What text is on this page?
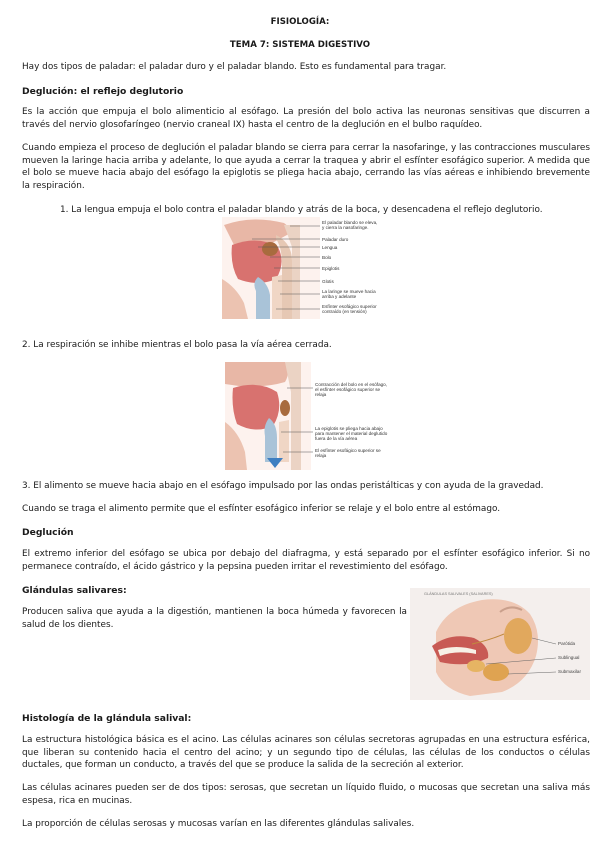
FISIOLOGÍA:
TEMA 7: SISTEMA DIGESTIVO

Hay dos tipos de paladar: el paladar duro y el paladar blando. Esto es fundamental para tragar.

Deglución: el reflejo deglutorio

Es la acción que empuja el bolo alimenticio al esófago. La presión del bolo activa las neuronas sensitivas que discurren a través del nervio glosofaríngeo (nervio craneal IX) hasta el centro de la deglución en el bulbo raquídeo.

Cuando empieza el proceso de deglución el paladar blando se cierra para cerrar la nasofaringe, y las contracciones musculares mueven la laringe hacia arriba y adelante, lo que ayuda a cerrar la traquea y abrir el esfínter esofágico superior. A medida que el bolo se mueve hacia abajo del esófago la epiglotis se pliega hacia abajo, cerrando las vías aéreas e inhibiendo brevemente la respiración.

1. La lengua empuja el bolo contra el paladar blando y atrás de la boca, y desencadena el reflejo deglutorio.

El paladar blando se eleva,
y cierra la nasofaringe.
Paladar duro
Lengua
Bolo
Epiglotis
Glotis
La laringe se mueve hacia
arriba y adelante
Esfínter esofágico superior
contraído (en tensión)

2. La respiración se inhibe mientras el bolo pasa la vía aérea cerrada.

Contracción del bolo en el esófago,
el esfínter esofágico superior se
relaja
La epiglotis se pliega hacia abajo
para mantener el material deglutido
fuera de la vía aérea
El esfínter esofágico superior se
relaja

3. El alimento se mueve hacia abajo en el esófago impulsado por las ondas peristálticas y con ayuda de la gravedad.

Cuando se traga el alimento permite que el esfínter esofágico inferior se relaje y el bolo entre al estómago.

Deglución

El extremo inferior del esófago se ubica por debajo del diafragma, y está separado por el esfínter esofágico inferior. Si no permanece contraído, el ácido gástrico y la pepsina pueden irritar el revestimiento del esófago.

Glándulas salivares:

Producen saliva que ayuda a la digestión, mantienen la boca húmeda y favorecen la salud de los dientes.

GLÁNDULAS SALIVALES (SALIVARES)
Parótida
Sublingual
Submaxilar
Histología de la glándula salival:

La estructura histológica básica es el acino. Las células acinares son células secretoras agrupadas en una estructura esférica, que liberan su contenido hacia el centro del acino; y un segundo tipo de células, las células de los conductos o células ductales, que forman un conducto, a través del que se produce la salida de la secreción al exterior.

Las células acinares pueden ser de dos tipos: serosas, que secretan un líquido fluido, o mucosas que secretan una saliva más espesa, rica en mucinas.

La proporción de células serosas y mucosas varían en las diferentes glándulas salivales.
